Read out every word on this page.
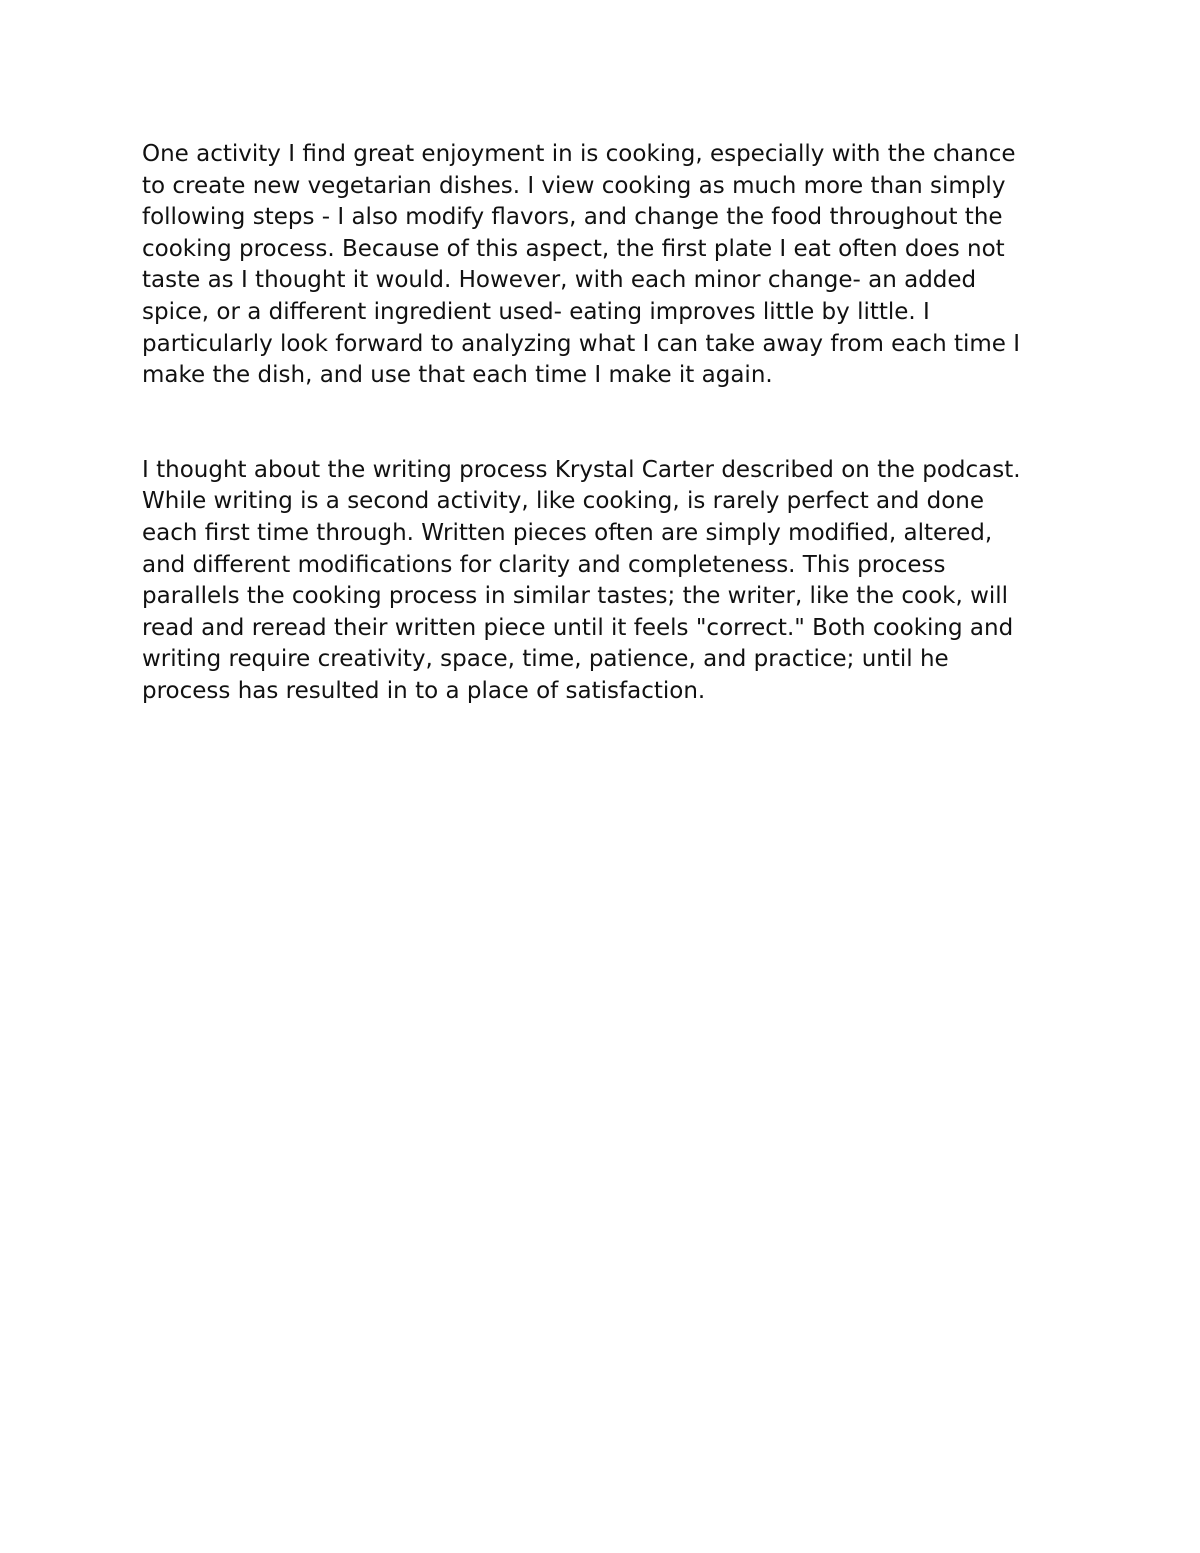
One activity I find great enjoyment in is cooking, especially with the chance
to create new vegetarian dishes. I view cooking as much more than simply
following steps - I also modify flavors, and change the food throughout the
cooking process. Because of this aspect, the first plate I eat often does not
taste as I thought it would. However, with each minor change- an added
spice, or a different ingredient used- eating improves little by little. I
particularly look forward to analyzing what I can take away from each time I
make the dish, and use that each time I make it again.

I thought about the writing process Krystal Carter described on the podcast.
While writing is a second activity, like cooking, is rarely perfect and done
each first time through. Written pieces often are simply modified, altered,
and different modifications for clarity and completeness. This process
parallels the cooking process in similar tastes; the writer, like the cook, will
read and reread their written piece until it feels "correct." Both cooking and
writing require creativity, space, time, patience, and practice; until he
process has resulted in to a place of satisfaction.
